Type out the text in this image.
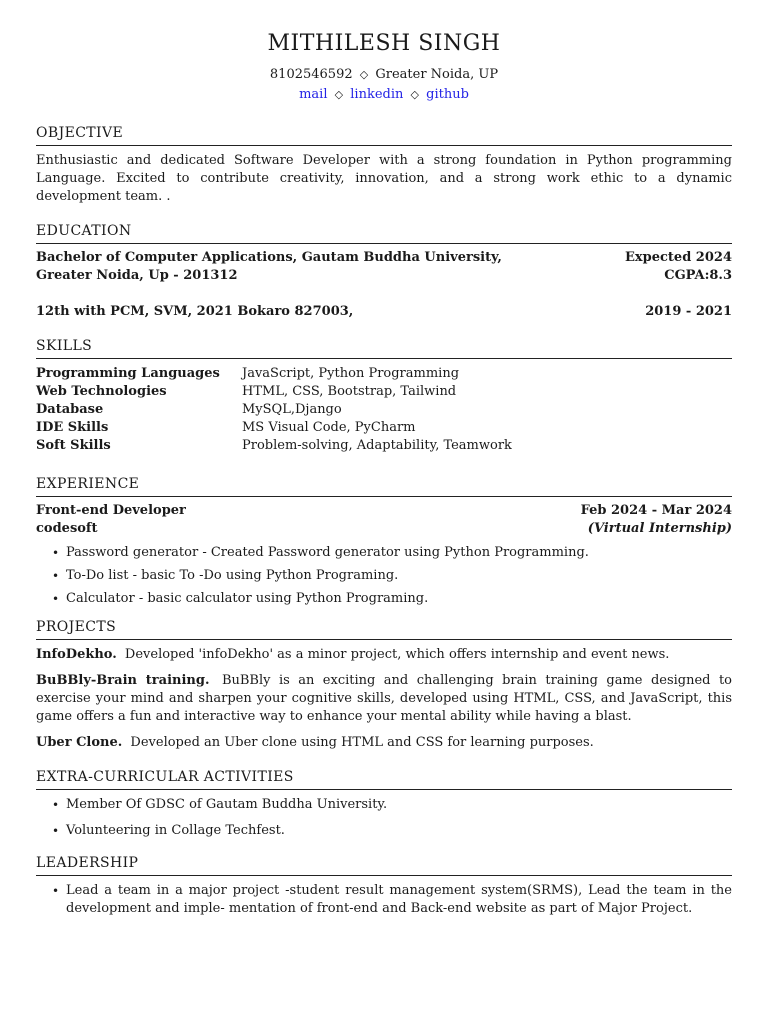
MITHILESH SINGH
8102546592 ◇ Greater Noida, UP
mail ◇ linkedin ◇ github
OBJECTIVE
Enthusiastic and dedicated Software Developer with a strong foundation in Python programming Language. Excited to contribute creativity, innovation, and a strong work ethic to a dynamic development team. .
EDUCATION
Bachelor of Computer Applications, Gautam Buddha University,	Expected 2024
Greater Noida, Up - 201312	CGPA:8.3
12th with PCM, SVM, 2021 Bokaro 827003,	2019 - 2021
SKILLS
Programming Languages	JavaScript, Python Programming
Web Technologies	HTML, CSS, Bootstrap, Tailwind
Database	MySQL,Django
IDE Skills	MS Visual Code, PyCharm
Soft Skills	Problem-solving, Adaptability, Teamwork
EXPERIENCE
Front-end Developer	Feb 2024 - Mar 2024
codesoft	(Virtual Internship)
• Password generator - Created Password generator using Python Programming.
• To-Do list - basic To -Do using Python Programing.
• Calculator - basic calculator using Python Programing.
PROJECTS
InfoDekho. Developed 'infoDekho' as a minor project, which offers internship and event news.
BuBBly-Brain training. BuBBly is an exciting and challenging brain training game designed to exercise your mind and sharpen your cognitive skills, developed using HTML, CSS, and JavaScript, this game offers a fun and interactive way to enhance your mental ability while having a blast.
Uber Clone. Developed an Uber clone using HTML and CSS for learning purposes.
EXTRA-CURRICULAR ACTIVITIES
• Member Of GDSC of Gautam Buddha University.
• Volunteering in Collage Techfest.
LEADERSHIP
• Lead a team in a major project -student result management system(SRMS), Lead the team in the development and imple- mentation of front-end and Back-end website as part of Major Project.
